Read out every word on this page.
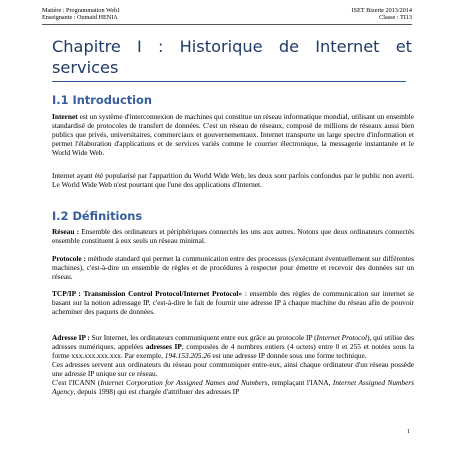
Matière : Programmation Web1
Enseignante : Oumaïd HENIA
ISET Bizerte 2013/2014
Classe : TI13
Chapitre I : Historique de Internet et
services
I.1 Introduction
Internet est un système d'interconnexion de machines qui constitue un réseau informatique mondial, utilisant un ensemble standardisé de protocoles de transfert de données. C'est un réseau de réseaux, composé de millions de réseaux aussi bien publics que privés, universitaires, commerciaux et gouvernementaux. Internet transporte un large spectre d'information et permet l'élaboration d'applications et de services variés comme le courrier électronique, la messagerie instantanée et le World Wide Web.
Internet ayant été popularisé par l'apparition du World Wide Web, les deux sont parfois confondus par le public non averti. Le World Wide Web n'est pourtant que l'une des applications d'Internet.
I.2 Définitions
Réseau : Ensemble des ordinateurs et périphériques connectés les uns aux autres. Notons que deux ordinateurs connectés ensemble constituent à eux seuls un réseau minimal.
Protocole : méthode standard qui permet la communication entre des processus (s'exécutant éventuellement sur différentes machines), c'est-à-dire un ensemble de règles et de procédures à respecter pour émettre et recevoir des données sur un réseau.
TCP/IP : Transmission Control Protocol/Internet Protocol» : ensemble des règles de communication sur internet se basant sur la notion adressage IP, c'est-à-dire le fait de fournir une adresse IP à chaque machine du réseau afin de pouvoir acheminer des paquets de données.
Adresse IP : Sur Internet, les ordinateurs communiquent entre eux grâce au protocole IP (Internet Protocol), qui utilise des adresses numériques, appelées adresses IP, composées de 4 nombres entiers (4 octets) entre 0 et 255 et notées sous la forme xxx.xxx.xxx.xxx. Par exemple, 194.153.205.26 est une adresse IP donnée sous une forme technique.
Ces adresses servent aux ordinateurs du réseau pour communiquer entre-eux, ainsi chaque ordinateur d'un réseau possède une adresse IP unique sur ce réseau.
C'est l'ICANN (Internet Corporation for Assigned Names and Numbers, remplaçant l'IANA, Internet Assigned Numbers Agency, depuis 1998) qui est chargée d'attribuer des adresses IP
1
